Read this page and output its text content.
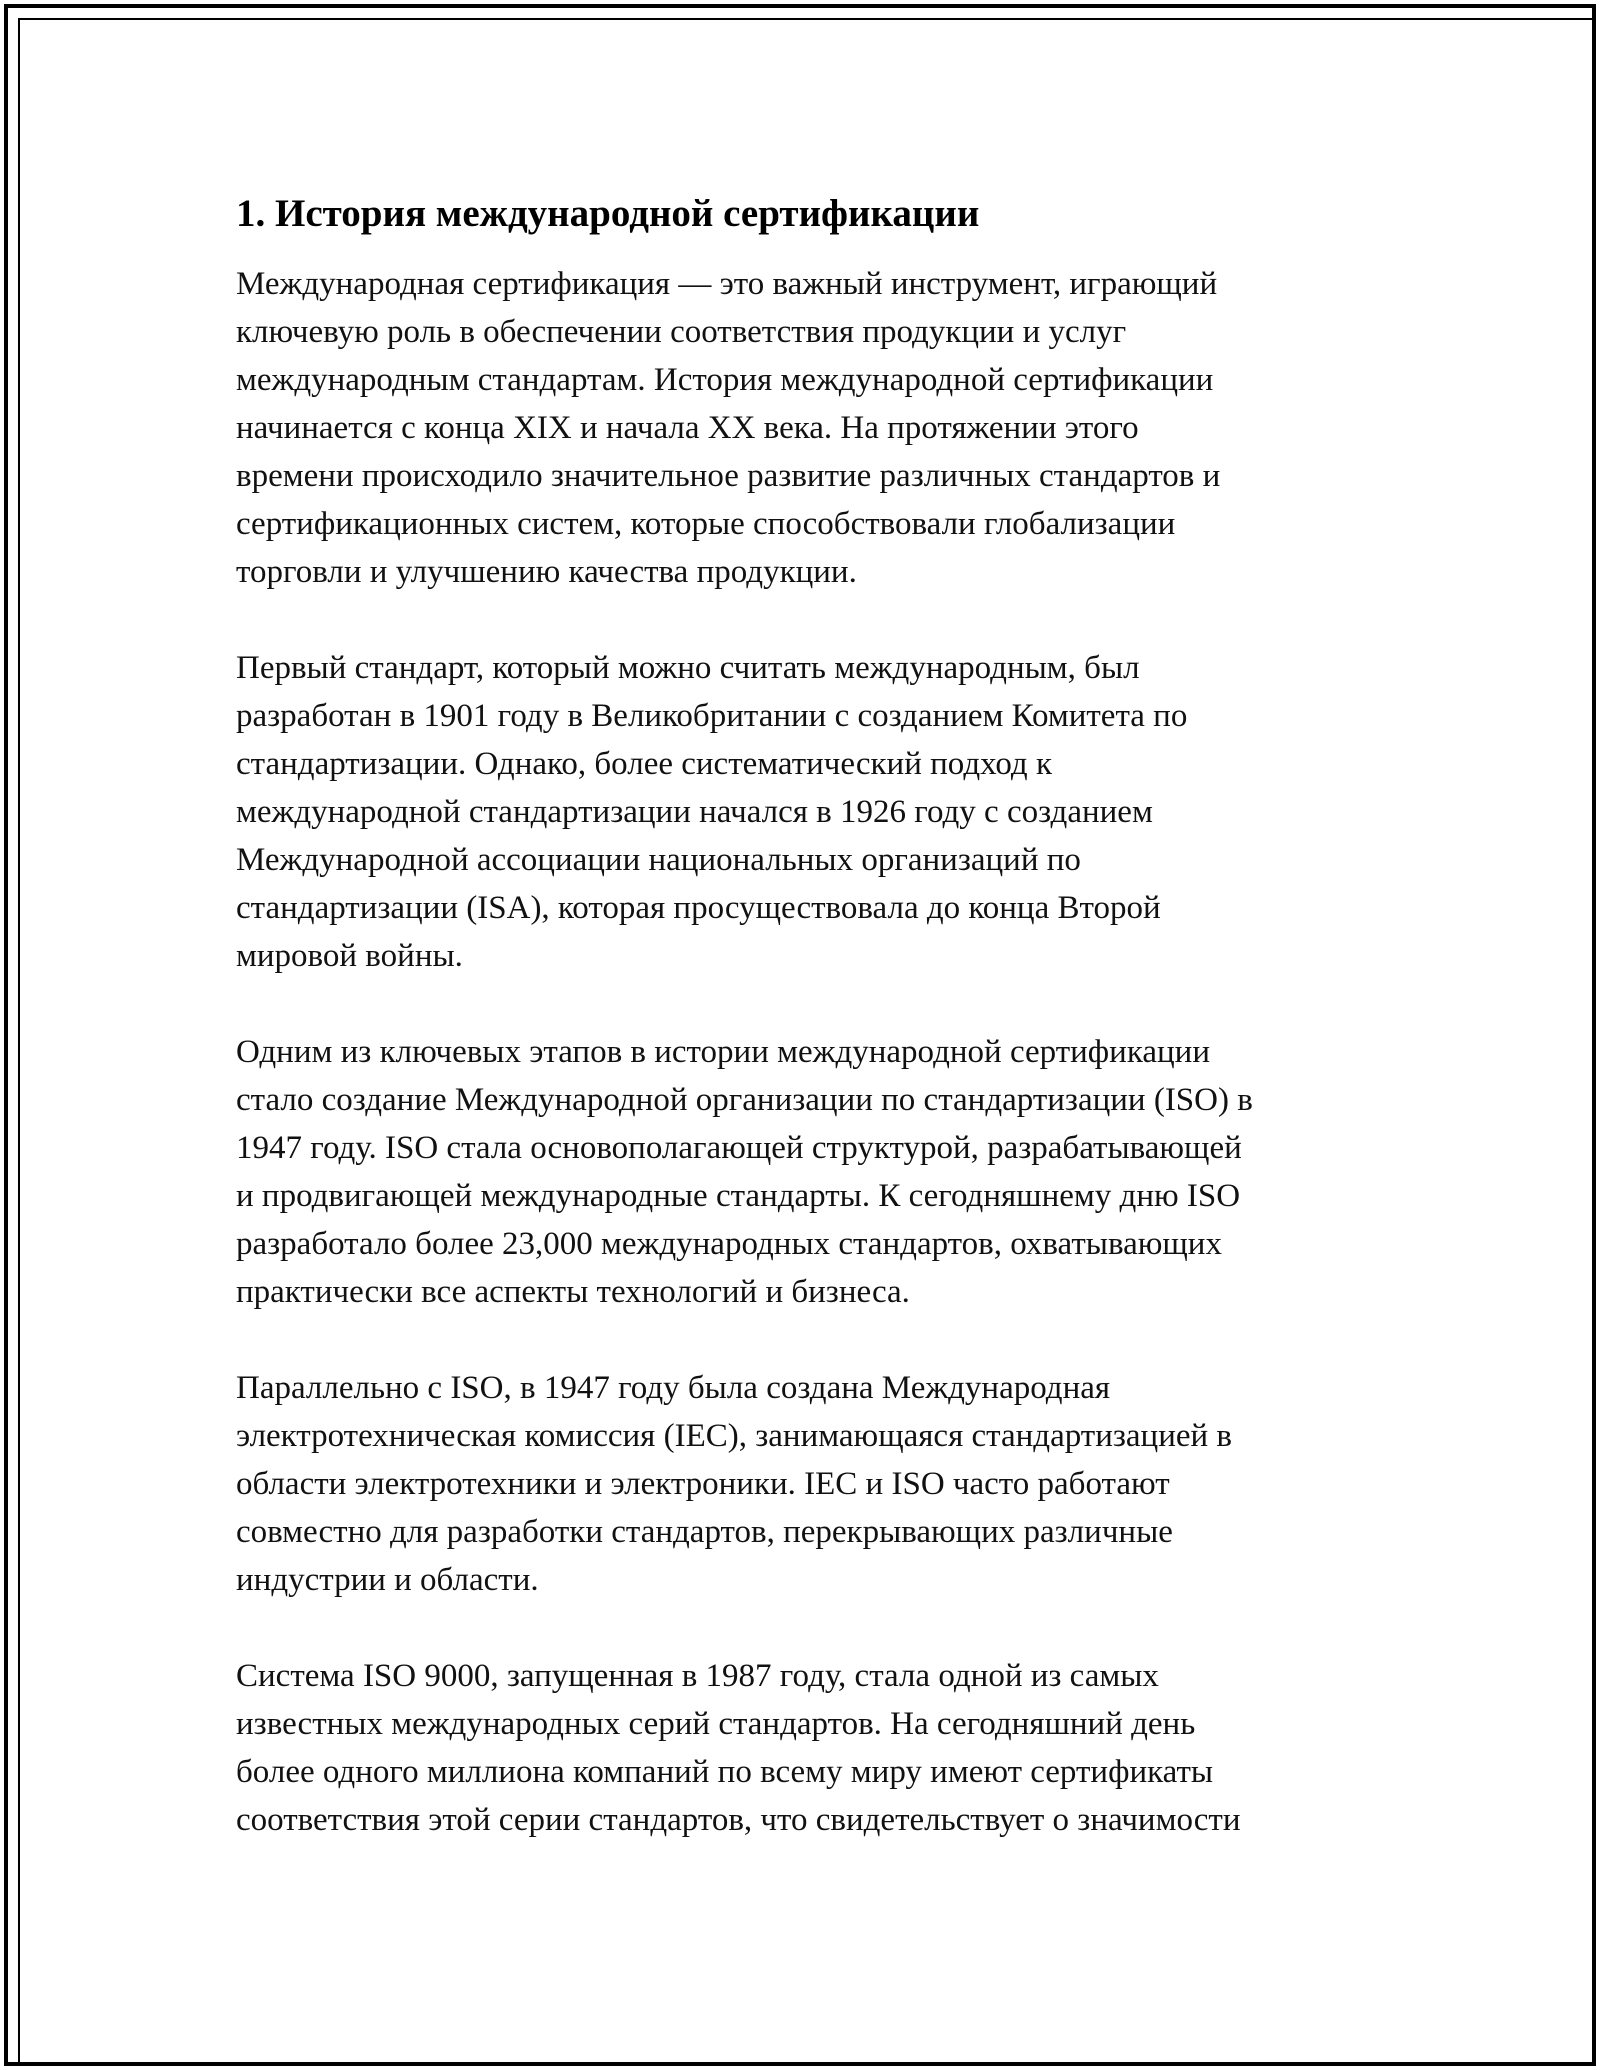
1. История международной сертификации

Международная сертификация — это важный инструмент, играющий
ключевую роль в обеспечении соответствия продукции и услуг
международным стандартам. История международной сертификации
начинается с конца XIX и начала XX века. На протяжении этого
времени происходило значительное развитие различных стандартов и
сертификационных систем, которые способствовали глобализации
торговли и улучшению качества продукции.

Первый стандарт, который можно считать международным, был
разработан в 1901 году в Великобритании с созданием Комитета по
стандартизации. Однако, более систематический подход к
международной стандартизации начался в 1926 году с созданием
Международной ассоциации национальных организаций по
стандартизации (ISA), которая просуществовала до конца Второй
мировой войны.

Одним из ключевых этапов в истории международной сертификации
стало создание Международной организации по стандартизации (ISO) в
1947 году. ISO стала основополагающей структурой, разрабатывающей
и продвигающей международные стандарты. К сегодняшнему дню ISO
разработало более 23,000 международных стандартов, охватывающих
практически все аспекты технологий и бизнеса.

Параллельно с ISO, в 1947 году была создана Международная
электротехническая комиссия (IEC), занимающаяся стандартизацией в
области электротехники и электроники. IEC и ISO часто работают
совместно для разработки стандартов, перекрывающих различные
индустрии и области.

Система ISO 9000, запущенная в 1987 году, стала одной из самых
известных международных серий стандартов. На сегодняшний день
более одного миллиона компаний по всему миру имеют сертификаты
соответствия этой серии стандартов, что свидетельствует о значимости
